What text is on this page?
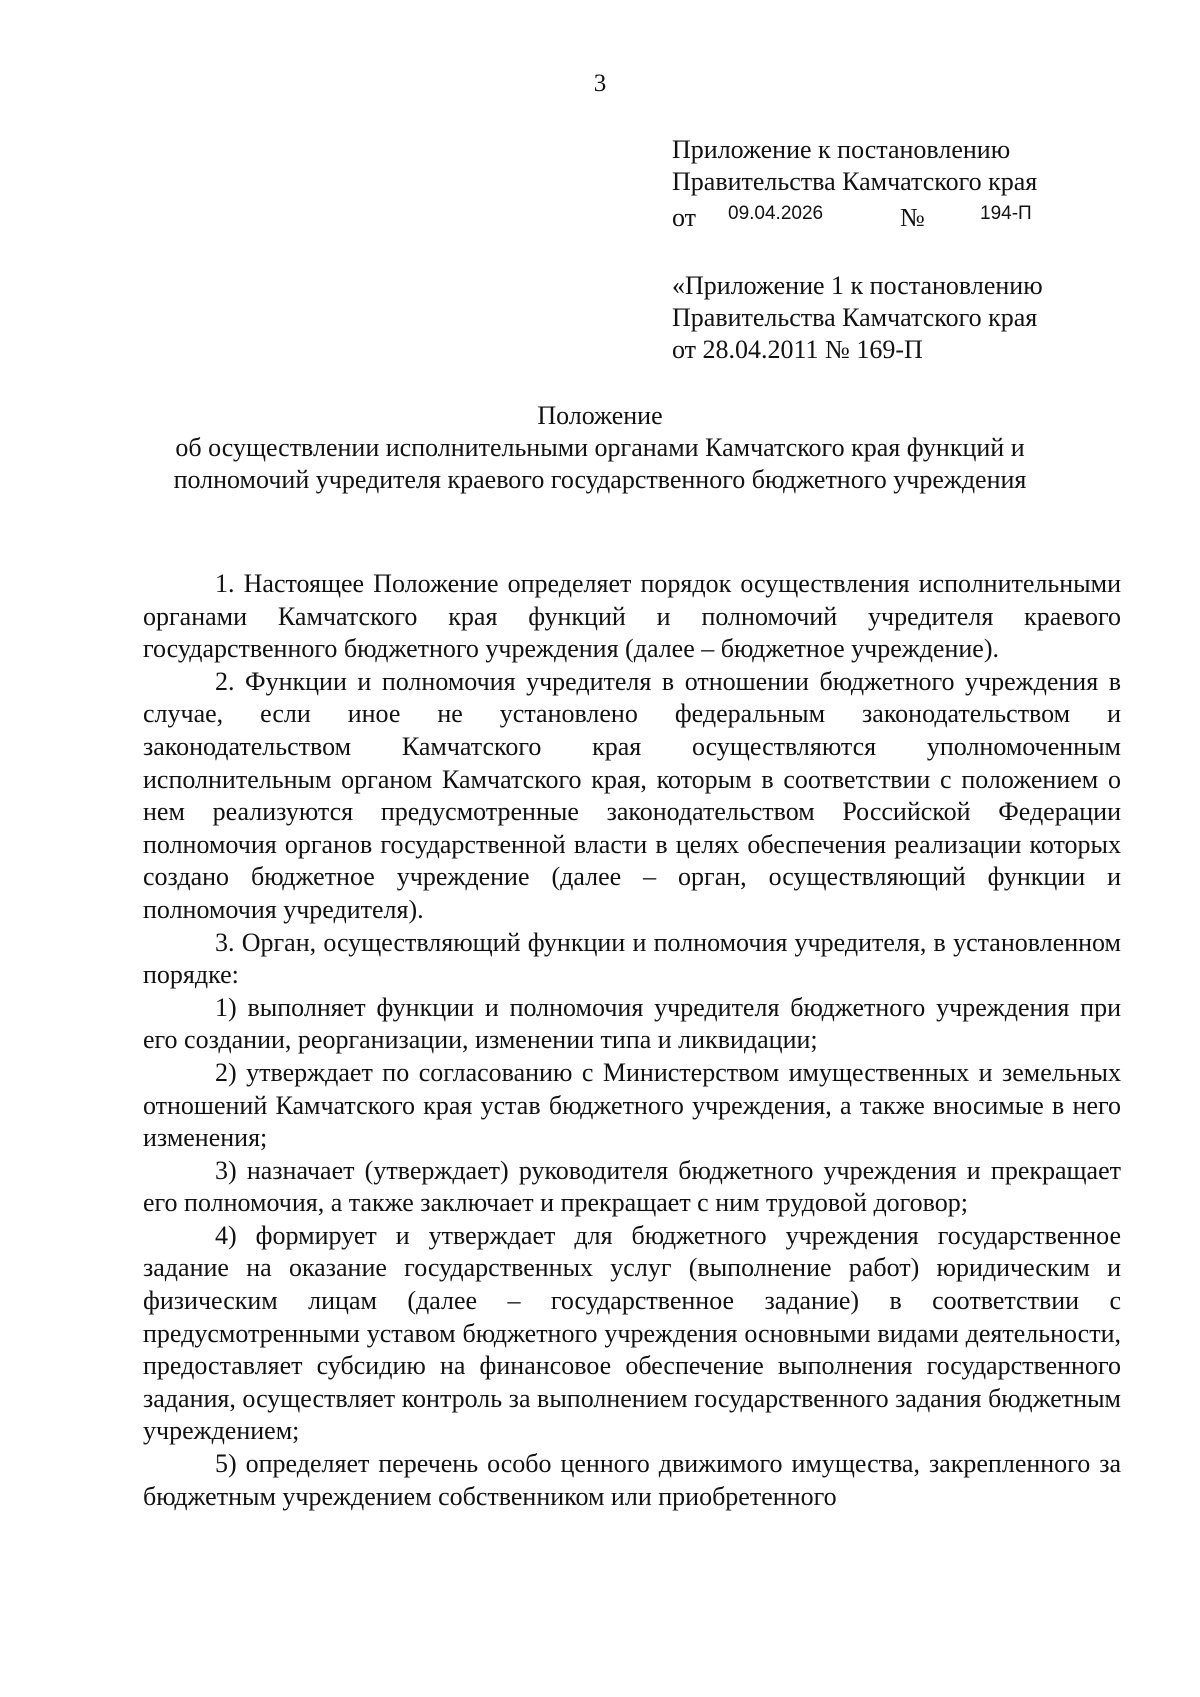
3
Приложение к постановлению
Правительства Камчатского края
от 09.04.2026	№	194-П
«Приложение 1 к постановлению
Правительства Камчатского края
от 28.04.2011 № 169-П
Положение
об осуществлении исполнительными органами Камчатского края функций и
полномочий учредителя краевого государственного бюджетного учреждения

1. Настоящее Положение определяет порядок осуществления исполнительными органами Камчатского края функций и полномочий учредителя краевого государственного бюджетного учреждения (далее – бюджетное учреждение).

2. Функции и полномочия учредителя в отношении бюджетного учреждения в случае, если иное не установлено федеральным законодательством и законодательством Камчатского края осуществляются уполномоченным исполнительным органом Камчатского края, которым в соответствии с положением о нем реализуются предусмотренные законодательством Российской Федерации полномочия органов государственной власти в целях обеспечения реализации которых создано бюджетное учреждение (далее – орган, осуществляющий функции и полномочия учредителя).

3. Орган, осуществляющий функции и полномочия учредителя, в установленном порядке:

1) выполняет функции и полномочия учредителя бюджетного учреждения при его создании, реорганизации, изменении типа и ликвидации;

2) утверждает по согласованию с Министерством имущественных и земельных отношений Камчатского края устав бюджетного учреждения, а также вносимые в него изменения;

3) назначает (утверждает) руководителя бюджетного учреждения и прекращает его полномочия, а также заключает и прекращает с ним трудовой договор;

4) формирует и утверждает для бюджетного учреждения государственное задание на оказание государственных услуг (выполнение работ) юридическим и физическим лицам (далее – государственное задание) в соответствии с предусмотренными уставом бюджетного учреждения основными видами деятельности, предоставляет субсидию на финансовое обеспечение выполнения государственного задания, осуществляет контроль за выполнением государственного задания бюджетным учреждением;

5) определяет перечень особо ценного движимого имущества, закрепленного за бюджетным учреждением собственником или приобретенного
